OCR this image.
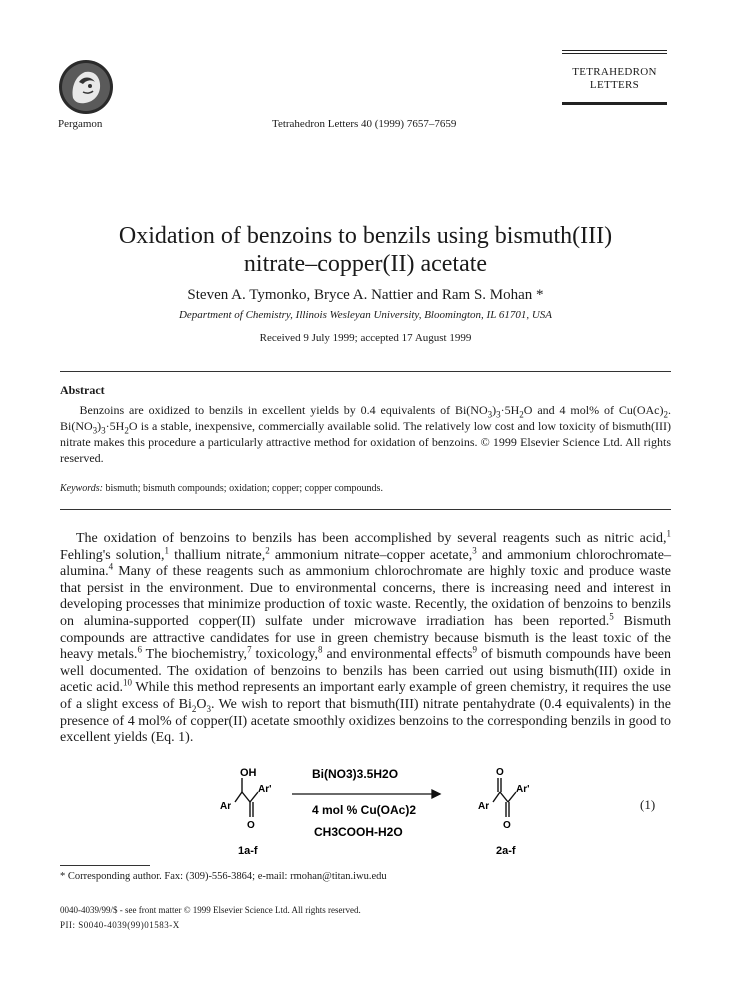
Pergamon	Tetrahedron Letters 40 (1999) 7657–7659
TETRAHEDRON
LETTERS
Oxidation of benzoins to benzils using bismuth(III)
nitrate–copper(II) acetate
Steven A. Tymonko, Bryce A. Nattier and Ram S. Mohan *
Department of Chemistry, Illinois Wesleyan University, Bloomington, IL 61701, USA
Received 9 July 1999; accepted 17 August 1999
Abstract

Benzoins are oxidized to benzils in excellent yields by 0.4 equivalents of $Bi(NO_3)_3\cdot 5H_2O$ and 4 mol% of $Cu(OAc)_2$. $Bi(NO_3)_3\cdot 5H_2O$ is a stable, inexpensive, commercially available solid. The relatively low cost and low toxicity of bismuth(III) nitrate makes this procedure a particularly attractive method for oxidation of benzoins. © 1999 Elsevier Science Ltd. All rights reserved.

Keywords: bismuth; bismuth compounds; oxidation; copper; copper compounds.

The oxidation of benzoins to benzils has been accomplished by several reagents such as nitric acid,$^1$ Fehling's solution,$^1$ thallium nitrate,$^2$ ammonium nitrate–copper acetate,$^3$ and ammonium chlorochromate–alumina.$^4$ Many of these reagents such as ammonium chlorochromate are highly toxic and produce waste that persist in the environment. Due to environmental concerns, there is increasing need and interest in developing processes that minimize production of toxic waste. Recently, the oxidation of benzoins to benzils on alumina-supported copper(II) sulfate under microwave irradiation has been reported.$^5$ Bismuth compounds are attractive candidates for use in green chemistry because bismuth is the least toxic of the heavy metals.$^6$ The biochemistry,$^7$ toxicology,$^8$ and environmental effects$^9$ of bismuth compounds have been well documented. The oxidation of benzoins to benzils has been carried out using bismuth(III) oxide in acetic acid.$^{10}$ While this method represents an important early example of green chemistry, it requires the use of a slight excess of $Bi_2O_3$. We wish to report that bismuth(III) nitrate pentahydrate (0.4 equivalents) in the presence of 4 mol% of copper(II) acetate smoothly oxidizes benzoins to the corresponding benzils in good to excellent yields (Eq. 1).

OH
Ar
Ar'
O
1a-f
Bi(NO3)3.5H2O
4 mol % Cu(OAc)2
CH3COOH-H2O
O
Ar
Ar'
O
2a-f
(1)
* Corresponding author. Fax: (309)-556-3864; e-mail: rmohan@titan.iwu.edu
0040-4039/99/$ - see front matter © 1999 Elsevier Science Ltd. All rights reserved.
PII: S0040-4039(99)01583-X
